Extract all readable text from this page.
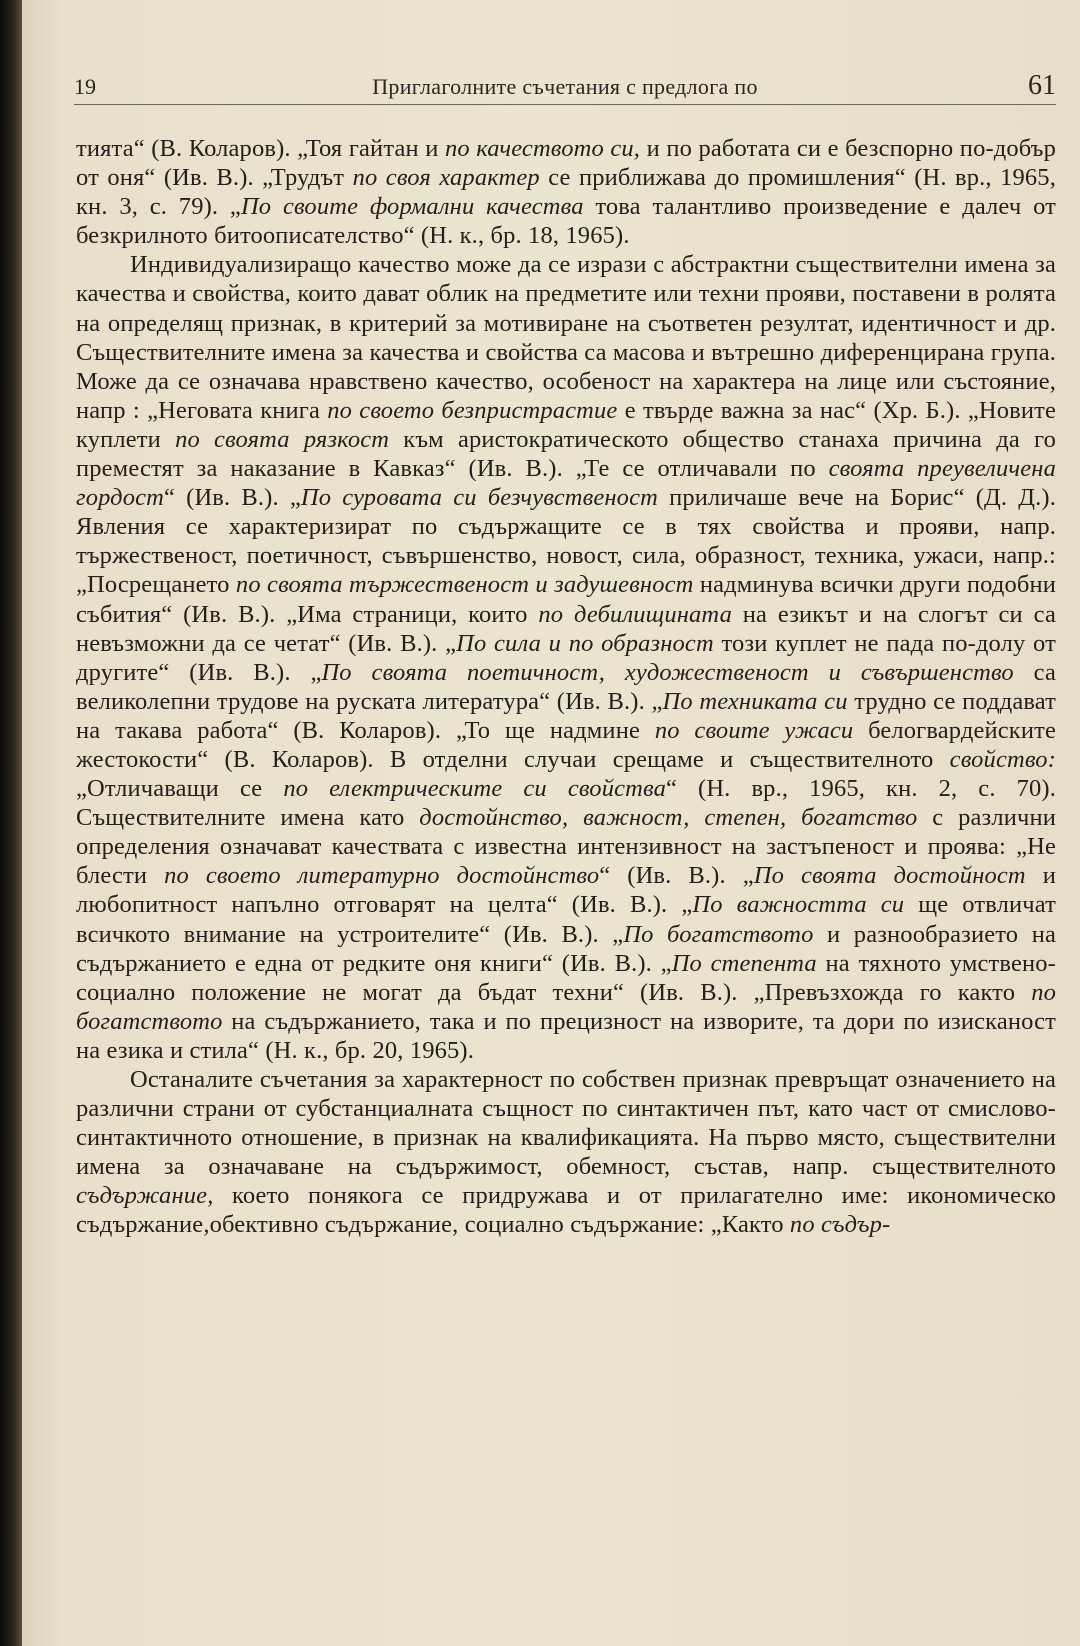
19	Приглаголните съчетания с предлога по	61

тията“ (В. Коларов). „Тоя гайтан и по качеството си, и по работата си е безспорно по-добър от оня“ (Ив. В.). „Трудът по своя характер се приближава до промишления“ (Н. вр., 1965, кн. 3, с. 79). „По своите формални качества това талантливо произведение е далеч от безкрилното битоописателство“ (Н. к., бр. 18, 1965).

Индивидуализиращо качество може да се изрази с абстрактни съществителни имена за качества и свойства, които дават облик на предметите или техни прояви, поставени в ролята на определящ признак, в критерий за мотивиране на съответен резултат, идентичност и др. Съществителните имена за качества и свойства са масова и вътрешно диференцирана група. Може да се означава нравствено качество, особеност на характера на лице или състояние, напр : „Неговата книга по своето безпристрастие е твърде важна за нас“ (Хр. Б.). „Новите куплети по своята рязкост към аристократическото общество станаха причина да го преместят за наказание в Кавказ“ (Ив. В.). „Те се отличавали по своята преувеличена гордост“ (Ив. В.). „По суровата си безчувственост приличаше вече на Борис“ (Д. Д.). Явления се характеризират по съдържащите се в тях свойства и прояви, напр. тържественост, поетичност, съвършенство, новост, сила, образност, техника, ужаси, напр.: „Посрещането по своята тържественост и задушевност надминува всички други подобни събития“ (Ив. В.). „Има страници, които по дебилищината на езикът и на слогът си са невъзможни да се четат“ (Ив. В.). „По сила и по образност този куплет не пада по-долу от другите“ (Ив. В.). „По своята поетичност, художественост и съвършенство са великолепни трудове на руската литература“ (Ив. В.). „По техниката си трудно се поддават на такава работа“ (В. Коларов). „То ще надмине по своите ужаси белогвардейските жестокости“ (В. Коларов). В отделни случаи срещаме и съществителното свойство: „Отличаващи се по електрическите си свойства“ (Н. вр., 1965, кн. 2, с. 70). Съществителните имена като достойнство, важност, степен, богатство с различни определения означават качествата с известна интензивност на застъпеност и проява: „Не блести по своето литературно достойнство“ (Ив. В.). „По своята достойност и любопитност напълно отговарят на целта“ (Ив. В.). „По важността си ще отвличат всичкото внимание на устроителите“ (Ив. В.). „По богатството и разнообразието на съдържанието е една от редките оня книги“ (Ив. В.). „По степента на тяхното умствено-социално положение не могат да бъдат техни“ (Ив. В.). „Превъзхожда го както по богатството на съдържанието, така и по прецизност на изворите, та дори по изисканост на езика и стила“ (Н. к., бр. 20, 1965).

Останалите съчетания за характерност по собствен признак превръщат означението на различни страни от субстанциалната същност по синтактичен път, като част от смислово-синтактичното отношение, в признак на квалификацията. На първо място, съществителни имена за означаване на съдържимост, обемност, състав, напр. съществителното съдържание, което понякога се придружава и от прилагателно име: икономическо съдържание,обективно съдържание, социално съдържание: „Както по съдър-
